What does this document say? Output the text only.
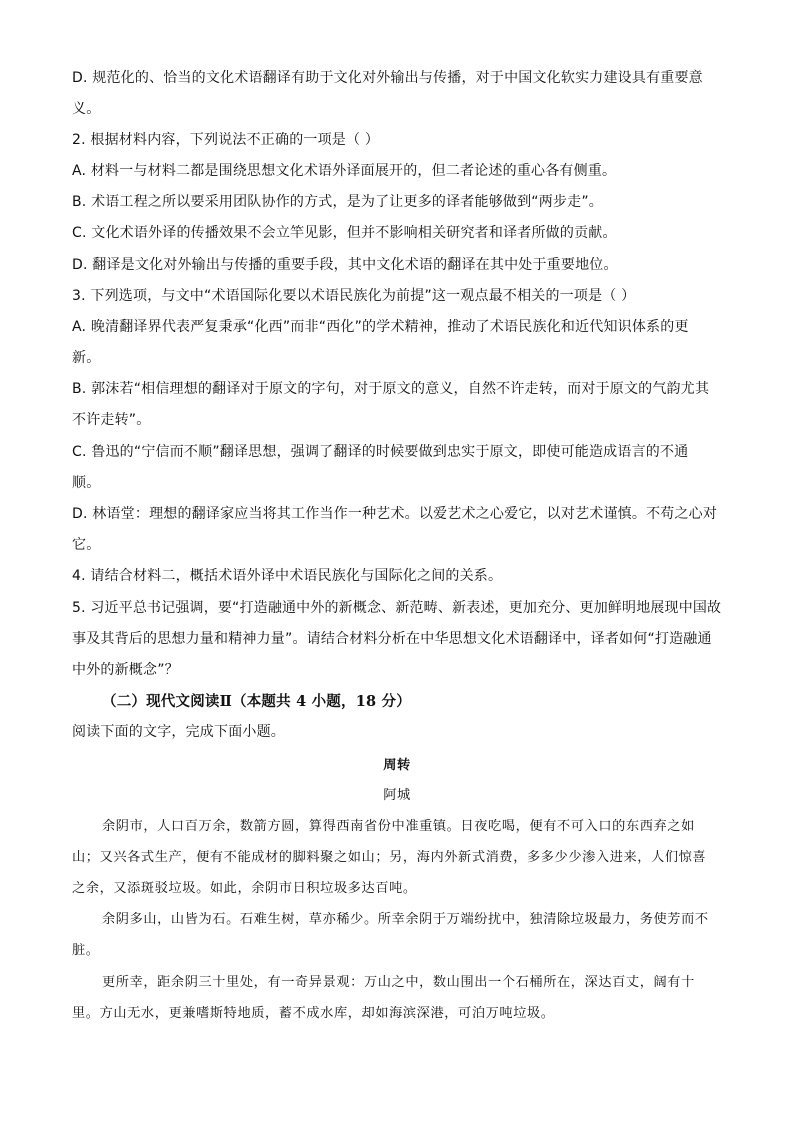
D. 规范化的、恰当的文化术语翻译有助于文化对外输出与传播，对于中国文化软实力建设具有重要意
义。
2. 根据材料内容，下列说法不正确的一项是（ ）
A. 材料一与材料二都是围绕思想文化术语外译面展开的，但二者论述的重心各有侧重。
B. 术语工程之所以要采用团队协作的方式，是为了让更多的译者能够做到“两步走”。
C. 文化术语外译的传播效果不会立竿见影，但并不影响相关研究者和译者所做的贡献。
D. 翻译是文化对外输出与传播的重要手段，其中文化术语的翻译在其中处于重要地位。
3. 下列选项，与文中“术语国际化要以术语民族化为前提”这一观点最不相关的一项是（ ）
A. 晚清翻译界代表严复秉承“化西”而非“西化”的学术精神，推动了术语民族化和近代知识体系的更
新。
B. 郭沫若“相信理想的翻译对于原文的字句，对于原文的意义，自然不许走转，而对于原文的气韵尤其
不许走转”。
C. 鲁迅的“宁信而不顺”翻译思想，强调了翻译的时候要做到忠实于原文，即使可能造成语言的不通
顺。
D. 林语堂：理想的翻译家应当将其工作当作一种艺术。以爱艺术之心爱它，以对艺术谨慎。不苟之心对
它。
4. 请结合材料二，概括术语外译中术语民族化与国际化之间的关系。
5. 习近平总书记强调，要“打造融通中外的新概念、新范畴、新表述，更加充分、更加鲜明地展现中国故
事及其背后的思想力量和精神力量”。请结合材料分析在中华思想文化术语翻译中，译者如何“打造融通
中外的新概念”？
（二）现代文阅读Ⅱ（本题共 4 小题，18 分）
阅读下面的文字，完成下面小题。
周转
阿城
余阴市，人口百万余，数箭方圆，算得西南省份中准重镇。日夜吃喝，便有不可入口的东西弃之如
山；又兴各式生产，便有不能成材的脚料聚之如山；另，海内外新式消费，多多少少渗入进来，人们惊喜
之余，又添斑驳垃圾。如此，余阴市日积垃圾多达百吨。
余阴多山，山皆为石。石难生树，草亦稀少。所幸余阴于万端纷扰中，独清除垃圾最力，务使芳而不
脏。
更所幸，距余阴三十里处，有一奇异景观：万山之中，数山围出一个石桶所在，深达百丈，阔有十
里。方山无水，更兼嗜斯特地质，蓄不成水库，却如海滨深港，可泊万吨垃圾。
